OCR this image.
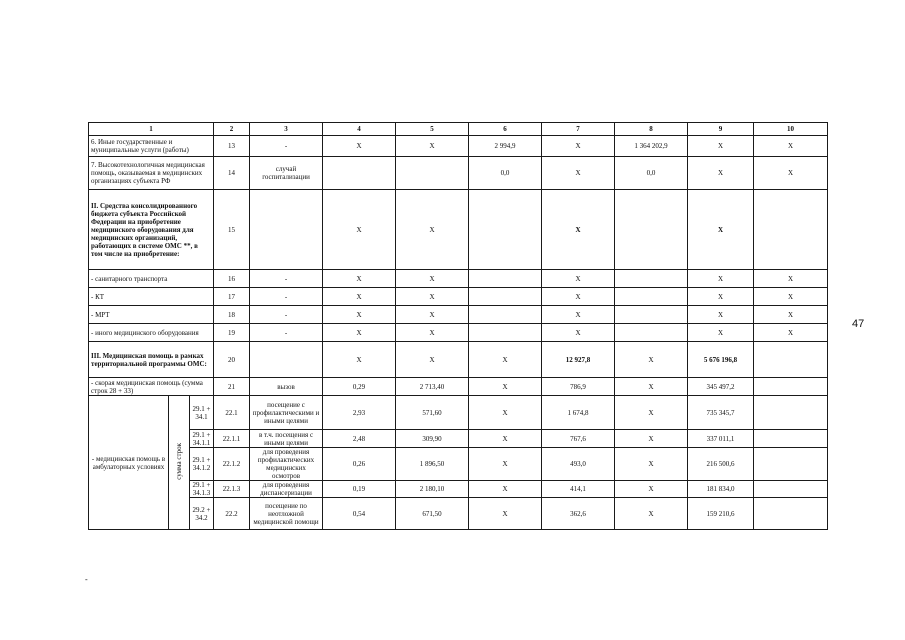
1			2	3	4	5	6	7	8	9	10
6. Иные государственные и муниципальные услуги (работы)			13	-	X	X	2 994,9	X	1 364 202,9	X	X
7. Высокотехнологичная медицинская помощь, оказываемая в медицинских организациях субъекта РФ			14	случай госпитализации			0,0	X	0,0	X	X
II. Средства консолидированного бюджета субъекта Российской Федерации на приобретение медицинского оборудования для медицинских организаций, работающих в системе ОМС **, в том числе на приобретение:			15		X	X		X		X	
- санитарного транспорта			16	-	X	X		X		X	X
- КТ			17	-	X	X		X		X	X
- МРТ			18	-	X	X		X		X	X
- иного медицинского оборудования			19	-	X	X		X		X	X
III. Медицинская помощь в рамках территориальной программы ОМС:			20		X	X	X	12 927,8	X	5 676 196,8	
- скорая медицинская помощь (сумма строк 28 + 33)			21	вызов	0,29	2 713,40	X	786,9	X	345 497,2	
- медицинская помощь в амбулаторных условиях	сумма строк	29.1 + 34.1	22.1	посещение с профилактическими и иными целями	2,93	571,60	X	1 674,8	X	735 345,7	
		29.1 + 34.1.1	22.1.1	в т.ч. посещения с иными целями	2,48	309,90	X	767,6	X	337 011,1	
		29.1 + 34.1.2	22.1.2	для проведения профилактических медицинских осмотров	0,26	1 896,50	X	493,0	X	216 500,6	
		29.1 + 34.1.3	22.1.3	для проведения диспансеризации	0,19	2 180,10	X	414,1	X	181 834,0	
		29.2 + 34.2	22.2	посещение по неотложной медицинской помощи	0,54	671,50	X	362,6	X	159 210,6	
47
-
